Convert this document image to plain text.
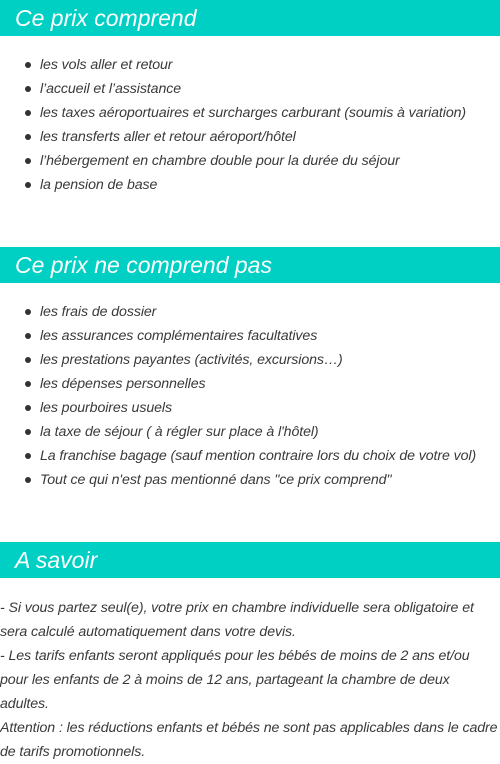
Ce prix comprend
les vols aller et retour
l’accueil et l’assistance
les taxes aéroportuaires et surcharges carburant (soumis à variation)
les transferts aller et retour aéroport/hôtel
l’hébergement en chambre double pour la durée du séjour
la pension de base
Ce prix ne comprend pas
les frais de dossier
les assurances complémentaires facultatives
les prestations payantes (activités, excursions…)
les dépenses personnelles
les pourboires usuels
la taxe de séjour ( à régler sur place à l'hôtel)
La franchise bagage (sauf mention contraire lors du choix de votre vol)
Tout ce qui n'est pas mentionné dans "ce prix comprend"
A savoir

- Si vous partez seul(e), votre prix en chambre individuelle sera obligatoire et sera calculé automatiquement dans votre devis.

- Les tarifs enfants seront appliqués pour les bébés de moins de 2 ans et/ou pour les enfants de 2 à moins de 12 ans, partageant la chambre de deux adultes.

Attention : les réductions enfants et bébés ne sont pas applicables dans le cadre de tarifs promotionnels.
